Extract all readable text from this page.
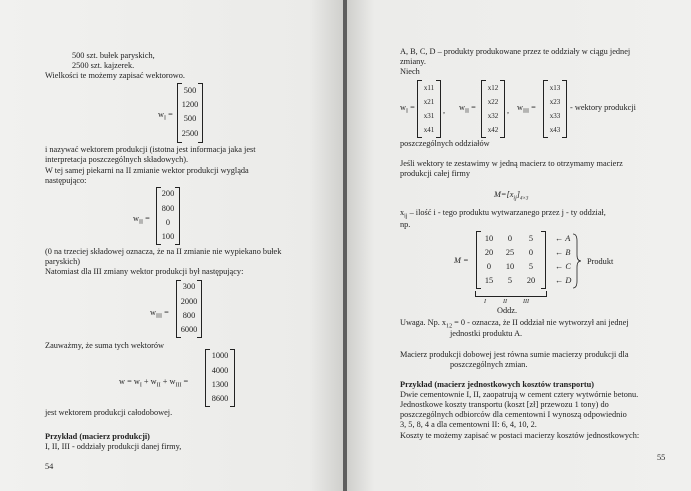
500 szt. bułek paryskich,
2500 szt. kajzerek.
Wielkości te możemy zapisać wektorowo.
$w_I$ =
500
1200
500
2500
i nazywać wektorem produkcji (istotna jest informacja jaka jest
interpretacja poszczególnych składowych).
W tej samej piekarni na II zmianie wektor produkcji wygląda
następująco:
$w_{II}$ =
200
800
0
100
(0 na trzeciej składowej oznacza, że na II zmianie nie wypiekano bułek
paryskich)
Natomiast dla III zmiany wektor produkcji był następujący:
$w_{III}$ =
300
2000
800
6000
Zauważmy, że suma tych wektorów
$w = w_I + w_{II} + w_{III}$ =
1000
4000
1300
8600
jest wektorem produkcji całodobowej.
Przykład (macierz produkcji)
I, II, III - oddziały produkcji danej firmy,
54
A, B, C, D – produkty produkowane przez te oddziały w ciągu jednej
zmiany.
Niech
$w_I$ =
x11
x21
x31
x41
, $w_{II}$ =
x12
x22
x32
x42
, $w_{III}$ =
x13
x23
x33
x43
- wektory produkcji
poszczególnych oddziałów
Jeśli wektory te zestawimy w jedną macierz to otrzymamy macierz
produkcji całej firmy
$M=[x_{ij}]_{4\times 3}$
$x_{ij}$ – ilość i - tego produktu wytwarzanego przez j - ty oddział,
np.
M =
10	0	5
20	25	0
0	10	5
15	5	20
← A
← B
← C
← D
Produkt
I	II	III
Oddz.
Uwaga. Np. $x_{12} = 0$ - oznacza, że II oddział nie wytworzył ani jednej
jednostki produktu A.
Macierz produkcji dobowej jest równa sumie macierzy produkcji dla
poszczególnych zmian.
Przykład (macierz jednostkowych kosztów transportu)
Dwie cementownie I, II, zaopatrują w cement cztery wytwórnie betonu.
Jednostkowe koszty transportu (koszt [zł] przewozu 1 tony) do
poszczególnych odbiorców dla cementowni I wynoszą odpowiednio
3, 5, 8, 4 a dla cementowni II: 6, 4, 10, 2.
Koszty te możemy zapisać w postaci macierzy kosztów jednostkowych:
55
